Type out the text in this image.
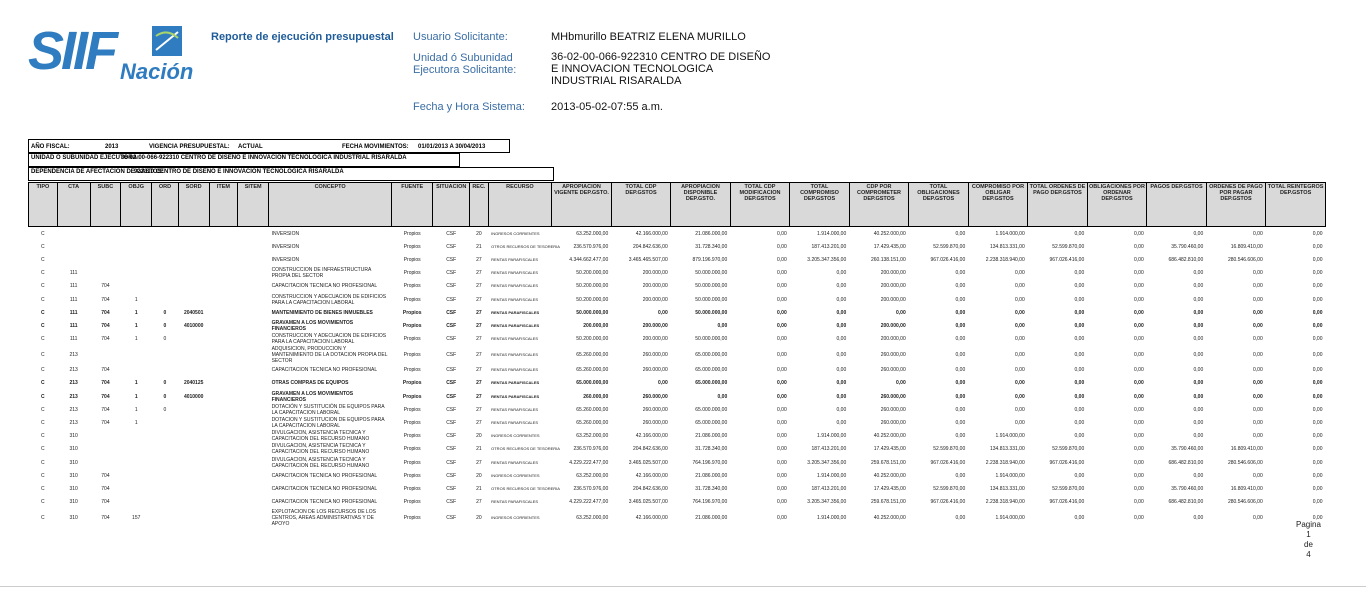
SIIF Nación
Reporte de ejecución presupuestal Usuario Solicitante:	MHbmurillo BEATRIZ ELENA MURILLO
Unidad ó Subunidad
Ejecutora Solicitante:
36-02-00-066-922310 CENTRO DE DISEÑO
E INNOVACION TECNOLOGICA
INDUSTRIAL RISARALDA
Fecha y Hora Sistema: 2013-05-02-07:55 a.m.
AÑO FISCAL:	2013	VIGENCIA PRESUPUESTAL: ACTUAL	FECHA MOVIMIENTOS: 01/01/2013 A 30/04/2013
UNIDAD O SUBUNIDAD EJECUTORA:
36-02-00-066-922310 CENTRO DE DISEÑO E INNOVACION TECNOLOGICA INDUSTRIAL RISARALDA
DEPENDENCIA DE AFECTACION DE GASTOS:
922310 CENTRO DE DISEÑO E INNOVACION TECNOLOGICA RISARALDA
TIPO	CTA	SUBC	OBJG	ORD	SORD	ITEM	SITEM	CONCEPTO	FUENTE	SITUACION	REC.	RECURSO	APROPIACION VIGENTE DEP.GSTO.	TOTAL CDP DEP.GSTOS	APROPIACION DISPONIBLE DEP.GSTO.	TOTAL CDP MODIFICACION DEP.GSTOS	TOTAL COMPROMISO DEP.GSTOS	CDP POR COMPROMETER DEP.GSTOS	TOTAL OBLIGACIONES DEP.GSTOS	COMPROMISO POR OBLIGAR DEP.GSTOS	TOTAL ORDENES DE PAGO DEP.GSTOS	OBLIGACIONES POR ORDENAR DEP.GSTOS	PAGOS DEP.GSTOS	ORDENES DE PAGO POR PAGAR DEP.GSTOS	TOTAL REINTEGROS DEP.GSTOS
C								INVERSION	Propios	CSF	20	INGRESOS CORRIENTES	63.252.000,00	42.166.000,00	21.086.000,00	0,00	1.914.000,00	40.252.000,00	0,00	1.914.000,00	0,00	0,00	0,00	0,00	0,00
C								INVERSION	Propios	CSF	21	OTROS RECURSOS DE TESORERIA	236.570.976,00	204.842.636,00	31.728.340,00	0,00	187.413.201,00	17.429.435,00	52.599.870,00	134.813.331,00	52.599.870,00	0,00	35.790.460,00	16.809.410,00	0,00
C								INVERSION	Propios	CSF	27	RENTAS PARAFISCALES	4.344.662.477,00	3.465.465.507,00	879.196.970,00	0,00	3.205.347.356,00	260.138.151,00	967.026.416,00	2.238.318.940,00	967.026.416,00	0,00	686.482.810,00	280.546.606,00	0,00
C	111							CONSTRUCCION DE INFRAESTRUCTURA PROPIA DEL SECTOR	Propios	CSF	27	RENTAS PARAFISCALES	50.200.000,00	200.000,00	50.000.000,00	0,00	0,00	200.000,00	0,00	0,00	0,00	0,00	0,00	0,00	0,00
C	111	704						CAPACITACION TECNICA NO PROFESIONAL	Propios	CSF	27	RENTAS PARAFISCALES	50.200.000,00	200.000,00	50.000.000,00	0,00	0,00	200.000,00	0,00	0,00	0,00	0,00	0,00	0,00	0,00
C	111	704	1					CONSTRUCCION Y ADECUACION DE EDIFICIOS PARA LA CAPACITACION LABORAL	Propios	CSF	27	RENTAS PARAFISCALES	50.200.000,00	200.000,00	50.000.000,00	0,00	0,00	200.000,00	0,00	0,00	0,00	0,00	0,00	0,00	0,00
C	111	704	1	0	2040501			MANTENIMIENTO DE BIENES INMUEBLES	Propios	CSF	27	RENTAS PARAFISCALES	50.000.000,00	0,00	50.000.000,00	0,00	0,00	0,00	0,00	0,00	0,00	0,00	0,00	0,00	0,00
C	111	704	1	0	4010000			GRAVAMEN A LOS MOVIMIENTOS FINANCIEROS	Propios	CSF	27	RENTAS PARAFISCALES	200.000,00	200.000,00	0,00	0,00	0,00	200.000,00	0,00	0,00	0,00	0,00	0,00	0,00	0,00
C	111	704	1	0				CONSTRUCCION Y ADECUACION DE EDIFICIOS PARA LA CAPACITACION LABORAL	Propios	CSF	27	RENTAS PARAFISCALES	50.200.000,00	200.000,00	50.000.000,00	0,00	0,00	200.000,00	0,00	0,00	0,00	0,00	0,00	0,00	0,00
C	213							ADQUISICION, PRODUCCION Y MANTENIMIENTO DE LA DOTACION PROPIA DEL SECTOR	Propios	CSF	27	RENTAS PARAFISCALES	65.260.000,00	260.000,00	65.000.000,00	0,00	0,00	260.000,00	0,00	0,00	0,00	0,00	0,00	0,00	0,00
C	213	704						CAPACITACION TECNICA NO PROFESIONAL	Propios	CSF	27	RENTAS PARAFISCALES	65.260.000,00	260.000,00	65.000.000,00	0,00	0,00	260.000,00	0,00	0,00	0,00	0,00	0,00	0,00	0,00
C	213	704	1	0	2040125			OTRAS COMPRAS DE EQUIPOS	Propios	CSF	27	RENTAS PARAFISCALES	65.000.000,00	0,00	65.000.000,00	0,00	0,00	0,00	0,00	0,00	0,00	0,00	0,00	0,00	0,00
C	213	704	1	0	4010000			GRAVAMEN A LOS MOVIMIENTOS FINANCIEROS	Propios	CSF	27	RENTAS PARAFISCALES	260.000,00	260.000,00	0,00	0,00	0,00	260.000,00	0,00	0,00	0,00	0,00	0,00	0,00	0,00
C	213	704	1	0				DOTACIÓN Y SUSTITUCIÓN DE EQUIPOS PARA LA CAPACITACION LABORAL	Propios	CSF	27	RENTAS PARAFISCALES	65.260.000,00	260.000,00	65.000.000,00	0,00	0,00	260.000,00	0,00	0,00	0,00	0,00	0,00	0,00	0,00
C	213	704	1					DOTACION Y SUSTITUCION DE EQUIPOS PARA LA CAPACITACION LABORAL	Propios	CSF	27	RENTAS PARAFISCALES	65.260.000,00	260.000,00	65.000.000,00	0,00	0,00	260.000,00	0,00	0,00	0,00	0,00	0,00	0,00	0,00
C	310							DIVULGACION, ASISTENCIA TECNICA Y CAPACITACION DEL RECURSO HUMANO	Propios	CSF	20	INGRESOS CORRIENTES	63.252.000,00	42.166.000,00	21.086.000,00	0,00	1.914.000,00	40.252.000,00	0,00	1.914.000,00	0,00	0,00	0,00	0,00	0,00
C	310							DIVULGACION, ASISTENCIA TECNICA Y CAPACITACION DEL RECURSO HUMANO	Propios	CSF	21	OTROS RECURSOS DE TESORERIA	236.570.976,00	204.842.636,00	31.728.340,00	0,00	187.413.201,00	17.429.435,00	52.599.870,00	134.813.331,00	52.599.870,00	0,00	35.790.460,00	16.809.410,00	0,00
C	310							DIVULGACION, ASISTENCIA TECNICA Y CAPACITACION DEL RECURSO HUMANO	Propios	CSF	27	RENTAS PARAFISCALES	4.229.222.477,00	3.465.025.507,00	764.196.970,00	0,00	3.205.347.356,00	259.678.151,00	967.026.416,00	2.238.318.940,00	967.026.416,00	0,00	686.482.810,00	280.546.606,00	0,00
C	310	704						CAPACITACION TECNICA NO PROFESIONAL	Propios	CSF	20	INGRESOS CORRIENTES	63.252.000,00	42.166.000,00	21.086.000,00	0,00	1.914.000,00	40.252.000,00	0,00	1.914.000,00	0,00	0,00	0,00	0,00	0,00
C	310	704						CAPACITACION TECNICA NO PROFESIONAL	Propios	CSF	21	OTROS RECURSOS DE TESORERIA	236.570.976,00	204.842.636,00	31.728.340,00	0,00	187.413.201,00	17.429.435,00	52.599.870,00	134.813.331,00	52.599.870,00	0,00	35.790.460,00	16.809.410,00	0,00
C	310	704						CAPACITACION TECNICA NO PROFESIONAL	Propios	CSF	27	RENTAS PARAFISCALES	4.229.222.477,00	3.465.025.507,00	764.196.970,00	0,00	3.205.347.356,00	259.678.151,00	967.026.416,00	2.238.318.940,00	967.026.416,00	0,00	686.482.810,00	280.546.606,00	0,00
C	310	704	157					EXPLOTACION DE LOS RECURSOS DE LOS CENTROS, AREAS ADMINISTRATIVAS Y DE APOYO	Propios	CSF	20	INGRESOS CORRIENTES	63.252.000,00	42.166.000,00	21.086.000,00	0,00	1.914.000,00	40.252.000,00	0,00	1.914.000,00	0,00	0,00	0,00	0,00	0,00
Pagina
1
de
4
